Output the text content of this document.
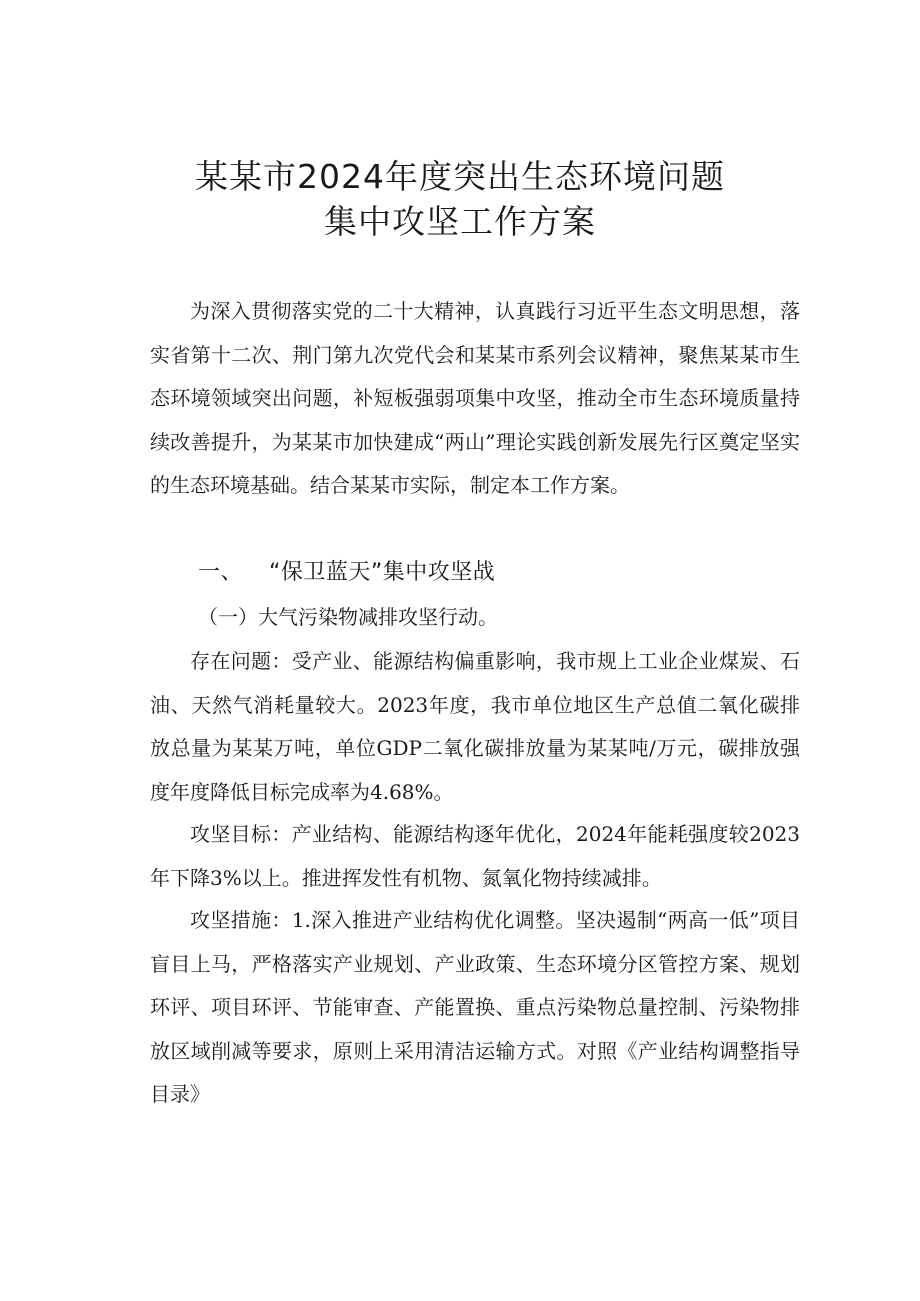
某某市2024年度突出生态环境问题
集中攻坚工作方案

为深入贯彻落实党的二十大精神，认真践行习近平生态文明思想，落实省第十二次、荆门第九次党代会和某某市系列会议精神，聚焦某某市生态环境领域突出问题，补短板强弱项集中攻坚，推动全市生态环境质量持续改善提升，为某某市加快建成“两山”理论实践创新发展先行区奠定坚实的生态环境基础。结合某某市实际，制定本工作方案。

一、 “保卫蓝天”集中攻坚战
（一）大气污染物减排攻坚行动。

存在问题：受产业、能源结构偏重影响，我市规上工业企业煤炭、石油、天然气消耗量较大。2023年度，我市单位地区生产总值二氧化碳排放总量为某某万吨，单位GDP二氧化碳排放量为某某吨/万元，碳排放强度年度降低目标完成率为4.68%。

攻坚目标：产业结构、能源结构逐年优化，2024年能耗强度较2023年下降3%以上。推进挥发性有机物、氮氧化物持续减排。

攻坚措施：1.深入推进产业结构优化调整。坚决遏制“两高一低”项目盲目上马，严格落实产业规划、产业政策、生态环境分区管控方案、规划环评、项目环评、节能审查、产能置换、重点污染物总量控制、污染物排放区域削减等要求，原则上采用清洁运输方式。对照《产业结构调整指导目录》
